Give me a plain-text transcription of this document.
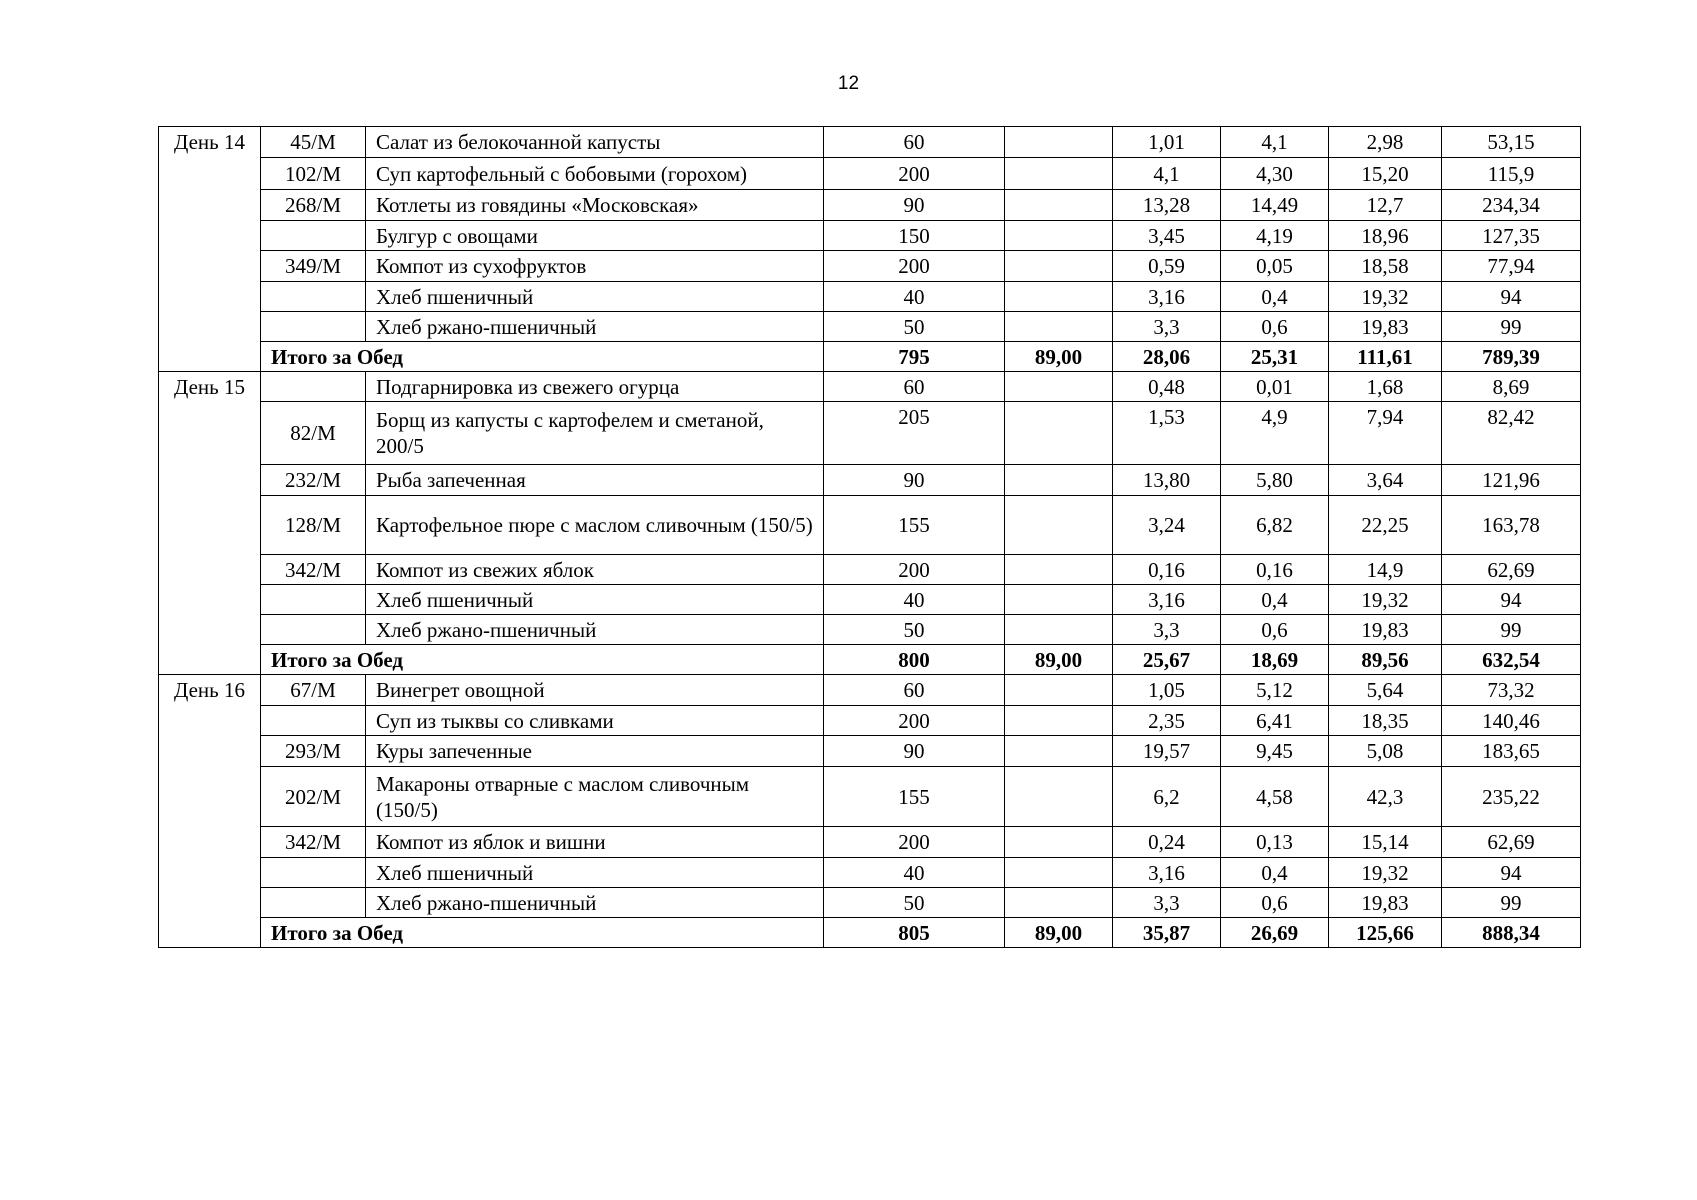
12
День 14	45/М	Салат из белокочанной капусты	60		1,01	4,1	2,98	53,15
	102/М	Суп картофельный с бобовыми (горохом)	200		4,1	4,30	15,20	115,9
	268/М	Котлеты из говядины «Московская»	90		13,28	14,49	12,7	234,34
		Булгур с овощами	150		3,45	4,19	18,96	127,35
	349/М	Компот из сухофруктов	200		0,59	0,05	18,58	77,94
		Хлеб пшеничный	40		3,16	0,4	19,32	94
		Хлеб ржано-пшеничный	50		3,3	0,6	19,83	99
	Итого за Обед		795	89,00	28,06	25,31	111,61	789,39
День 15		Подгарнировка из свежего огурца	60		0,48	0,01	1,68	8,69
	82/М	Борщ из капусты с картофелем и сметаной, 200/5	205		1,53	4,9	7,94	82,42
	232/М	Рыба запеченная	90		13,80	5,80	3,64	121,96
	128/М	Картофельное пюре с маслом сливочным (150/5)	155		3,24	6,82	22,25	163,78
	342/М	Компот из свежих яблок	200		0,16	0,16	14,9	62,69
		Хлеб пшеничный	40		3,16	0,4	19,32	94
		Хлеб ржано-пшеничный	50		3,3	0,6	19,83	99
	Итого за Обед		800	89,00	25,67	18,69	89,56	632,54
День 16	67/М	Винегрет овощной	60		1,05	5,12	5,64	73,32
		Суп из тыквы со сливками	200		2,35	6,41	18,35	140,46
	293/М	Куры запеченные	90		19,57	9,45	5,08	183,65
	202/М	Макароны отварные с маслом сливочным (150/5)	155		6,2	4,58	42,3	235,22
	342/М	Компот из яблок и вишни	200		0,24	0,13	15,14	62,69
		Хлеб пшеничный	40		3,16	0,4	19,32	94
		Хлеб ржано-пшеничный	50		3,3	0,6	19,83	99
	Итого за Обед		805	89,00	35,87	26,69	125,66	888,34
